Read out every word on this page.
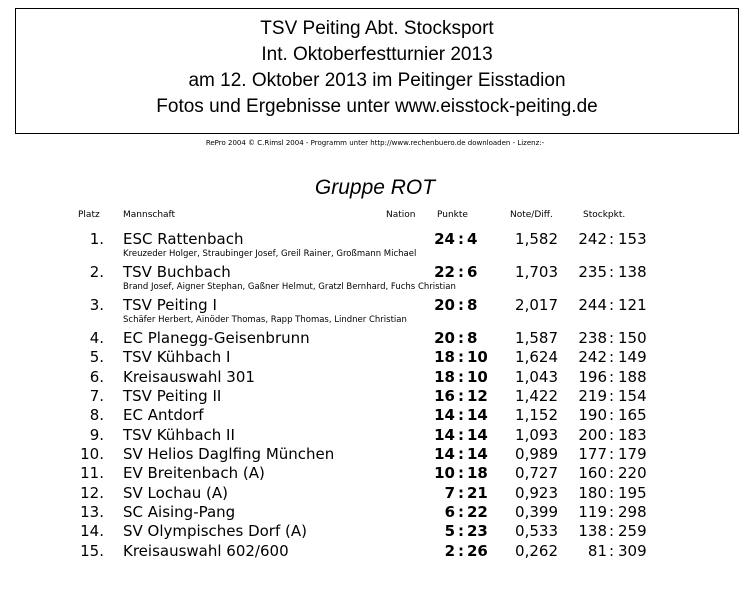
TSV Peiting Abt. Stocksport
Int. Oktoberfestturnier 2013
am 12. Oktober 2013 im Peitinger Eisstadion
Fotos und Ergebnisse unter www.eisstock-peiting.de
RePro 2004 © C.Rimsl 2004 - Programm unter http://www.rechenbuero.de downloaden - Lizenz:-
Gruppe ROT
Platz	Mannschaft	Nation Punkte	Note/Diff.	Stockpkt.
1. ESC Rattenbach	24 : 4	1,582 242 : 153
Kreuzeder Holger, Straubinger Josef, Greil Rainer, Großmann Michael
2. TSV Buchbach	22 : 6	1,703 235 : 138
Brand Josef, Aigner Stephan, Gaßner Helmut, Gratzl Bernhard, Fuchs Christian
3. TSV Peiting I	20 : 8	2,017 244 : 121
Schäfer Herbert, Ainöder Thomas, Rapp Thomas, Lindner Christian
4. EC Planegg-Geisenbrunn	20 : 8	1,587 238 : 150
5. TSV Kühbach I	18 : 10 1,624 242 : 149
6. Kreisauswahl 301	18 : 10 1,043 196 : 188
7. TSV Peiting II	16 : 12 1,422 219 : 154
8. EC Antdorf	14 : 14 1,152 190 : 165
9. TSV Kühbach II	14 : 14 1,093 200 : 183
10. SV Helios Daglfing München	14 : 14 0,989 177 : 179
11. EV Breitenbach (A)	10 : 18 0,727 160 : 220
12. SV Lochau (A)	7 : 21 0,923 180 : 195
13. SC Aising-Pang	6 : 22 0,399 119 : 298
14. SV Olympisches Dorf (A)	5 : 23 0,533 138 : 259
15. Kreisauswahl 602/600	2 : 26 0,262 81 : 309
